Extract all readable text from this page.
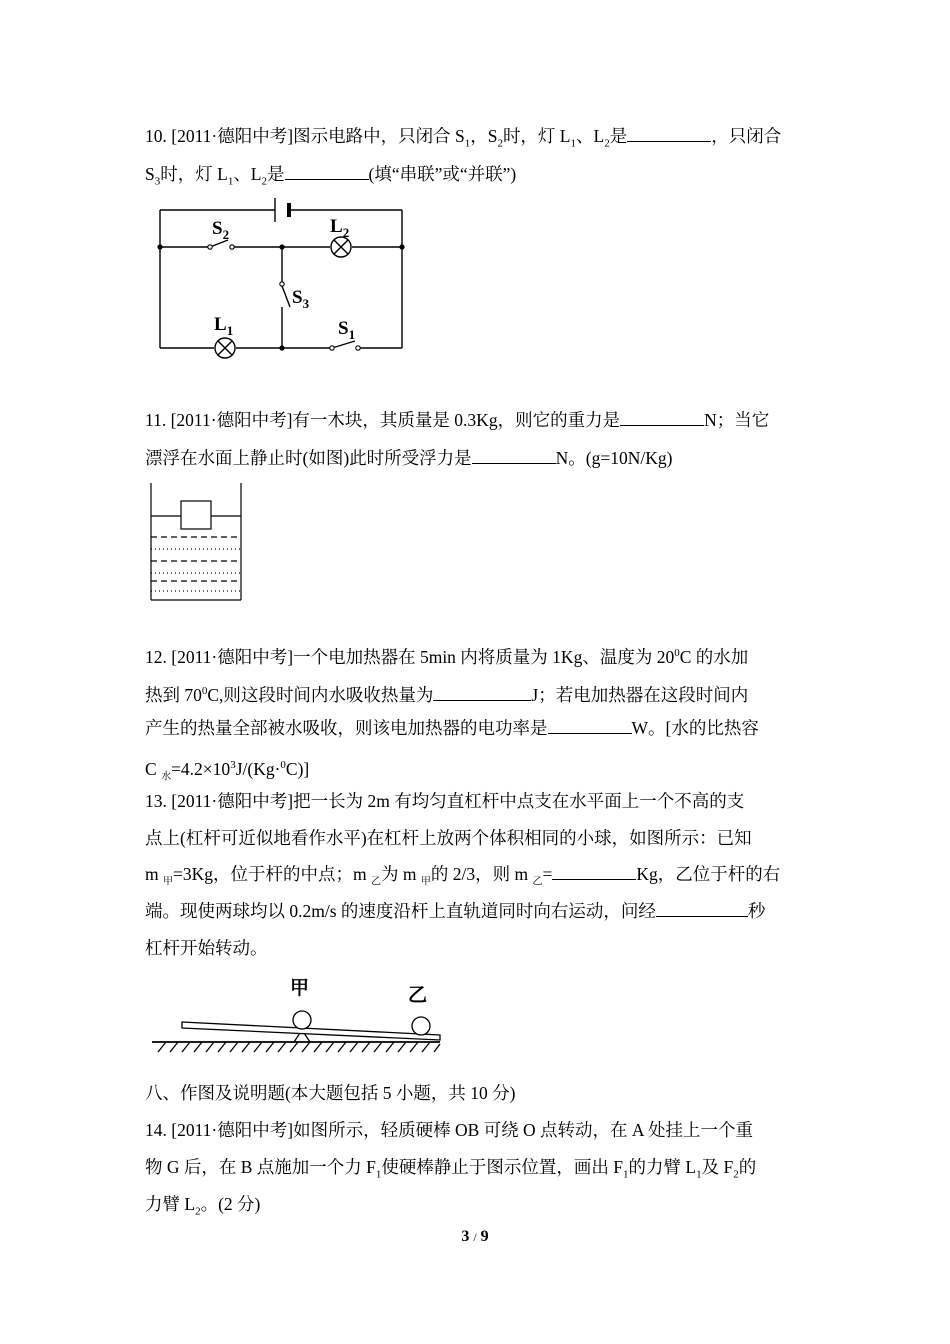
10. [2011·德阳中考]图示电路中，只闭合 $S_1$，$S_2$时，灯 $L_1$、$L_2$是	，只闭合
$S_3$时，灯 $L_1$、$L_2$是	(填“串联”或“并联”)
$S_2$	$L_2$
$S_3$
$L_1$	$S_1$
11. [2011·德阳中考]有一木块，其质量是 0.3Kg，则它的重力是	N；当它
漂浮在水面上静止时(如图)此时所受浮力是	N。(g=10N/Kg)
12. [2011·德阳中考]一个电加热器在 5min 内将质量为 1Kg、温度为 $20^0C$ 的水加
热到 $70^0C$,则这段时间内水吸收热量为	J；若电加热器在这段时间内
产生的热量全部被水吸收，则该电加热器的电功率是	W。[水的比热容
C $_水=4.2\times 10^3J/(Kg\cdot^0C)$]
13. [2011·德阳中考]把一长为 2m 有均匀直杠杆中点支在水平面上一个不高的支
点上(杠杆可近似地看作水平)在杠杆上放两个体积相同的小球，如图所示：已知
m $_甲$=3Kg，位于杆的中点；m $_乙$为 m $_甲$的 2/3，则 m $_乙$=	Kg，乙位于杆的右
端。现使两球均以 0.2m/s 的速度沿杆上直轨道同时向右运动，问经	秒
杠杆开始转动。
甲	乙
八、作图及说明题(本大题包括 5 小题，共 10 分)
14. [2011·德阳中考]如图所示，轻质硬棒 OB 可绕 O 点转动，在 A 处挂上一个重
物 G 后，在 B 点施加一个力 $F_1$使硬棒静止于图示位置，画出 $F_1$的力臂 $L_1$及 $F_2$的
力臂 $L_2$。(2 分)
3 / 9
